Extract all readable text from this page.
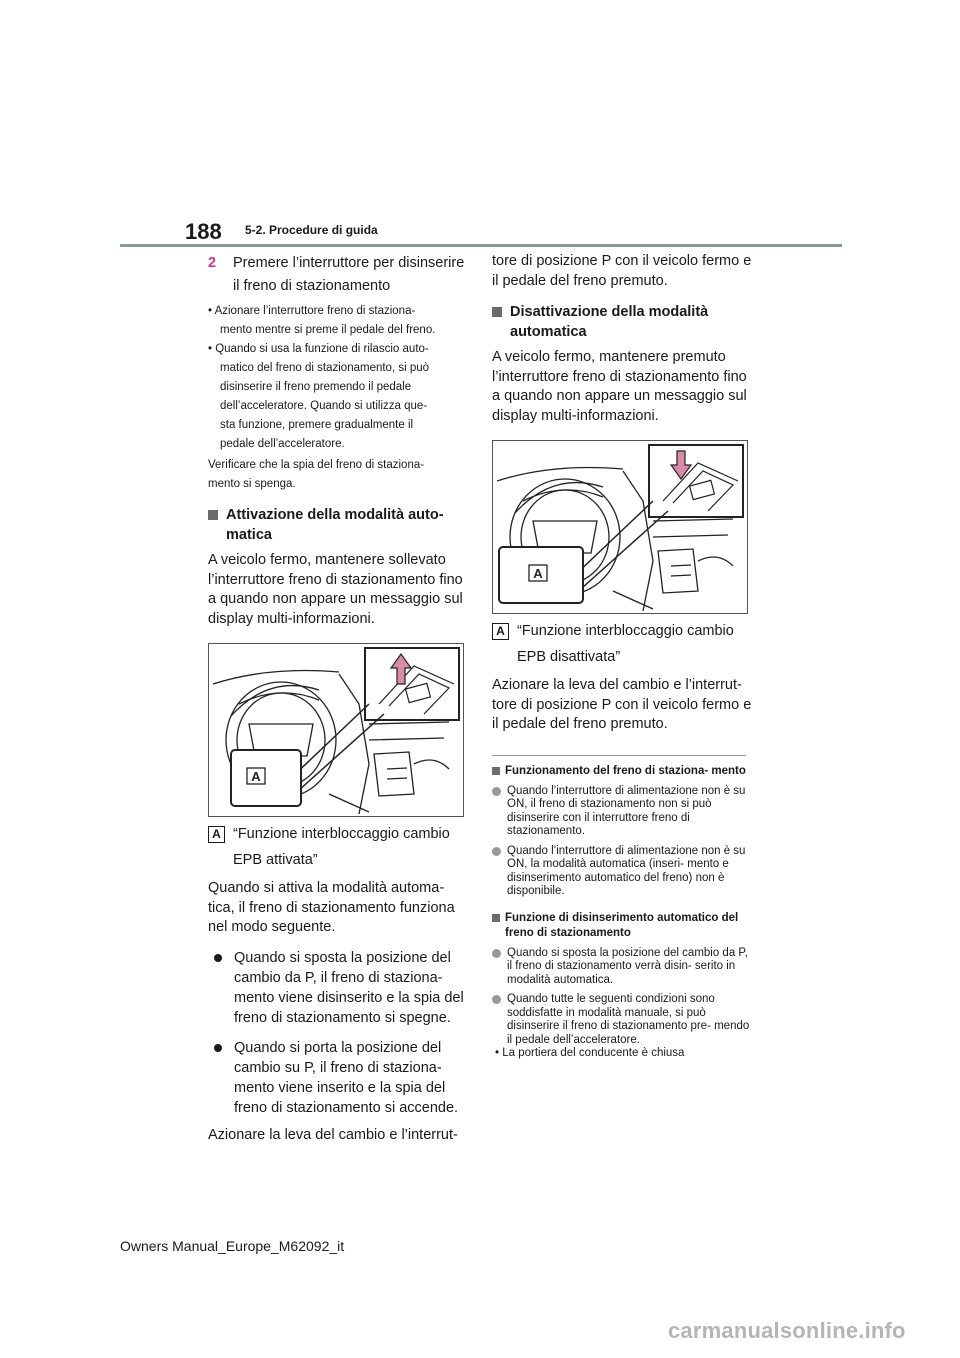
188 5-2. Procedure di guida
2	Premere l’interruttore per disinserire
il freno di stazionamento

• Azionare l’interruttore freno di staziona-

mento mentre si preme il pedale del freno.

• Quando si usa la funzione di rilascio auto-

matico del freno di stazionamento, si può

disinserire il freno premendo il pedale

dell’acceleratore. Quando si utilizza que-

sta funzione, premere gradualmente il

pedale dell’acceleratore.

Verificare che la spia del freno di staziona-

mento si spenga.

Attivazione della modalità auto-
matica

A veicolo fermo, mantenere sollevato l’interruttore freno di stazionamento fino a quando non appare un messaggio sul display multi-informazioni.

A
A “Funzione interbloccaggio cambio
EPB attivata”

Quando si attiva la modalità automa- tica, il freno di stazionamento funziona nel modo seguente.

Quando si sposta la posizione del cambio da P, il freno di staziona- mento viene disinserito e la spia del freno di stazionamento si spegne.
Quando si porta la posizione del cambio su P, il freno di staziona- mento viene inserito e la spia del freno di stazionamento si accende.

Azionare la leva del cambio e l’interrut-

tore di posizione P con il veicolo fermo e il pedale del freno premuto.

Disattivazione della modalità
automatica

A veicolo fermo, mantenere premuto l’interruttore freno di stazionamento fino a quando non appare un messaggio sul display multi-informazioni.

A
A “Funzione interbloccaggio cambio
EPB disattivata”

Azionare la leva del cambio e l’interrut- tore di posizione P con il veicolo fermo e il pedale del freno premuto.

Funzionamento del freno di staziona- mento
Quando l’interruttore di alimentazione non è su ON, il freno di stazionamento non si può disinserire con il interruttore freno di stazionamento.
Quando l’interruttore di alimentazione non è su ON, la modalità automatica (inseri- mento e disinserimento automatico del freno) non è disponibile.
Funzione di disinserimento automatico del freno di stazionamento
Quando si sposta la posizione del cambio da P, il freno di stazionamento verrà disin- serito in modalità automatica.
Quando tutte le seguenti condizioni sono soddisfatte in modalità manuale, si può disinserire il freno di stazionamento pre- mendo il pedale dell’acceleratore.

• La portiera del conducente è chiusa

Owners Manual_Europe_M62092_it
carmanualsonline.info
